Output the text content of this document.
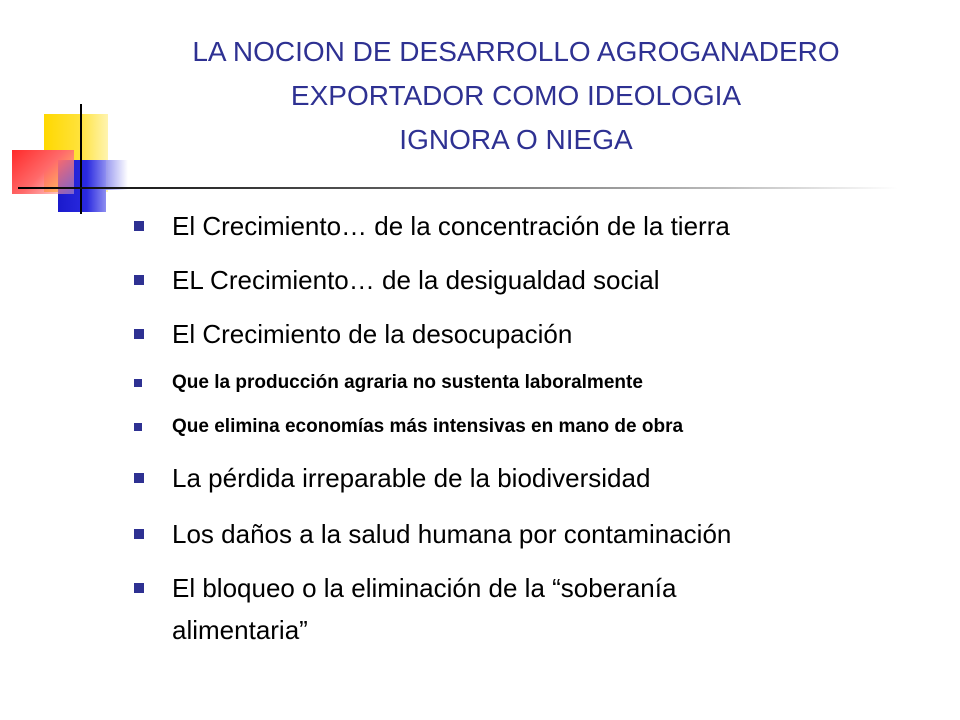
LA NOCION DE DESARROLLO AGROGANADERO
EXPORTADOR COMO IDEOLOGIA
IGNORA O NIEGA
El Crecimiento… de la concentración de la tierra
EL Crecimiento… de la desigualdad social
El Crecimiento de la desocupación
Que la producción agraria no sustenta laboralmente
Que elimina economías más intensivas en mano de obra
La pérdida irreparable de la biodiversidad
Los daños a la salud humana por contaminación
El bloqueo o la eliminación de la “soberanía
alimentaria”
